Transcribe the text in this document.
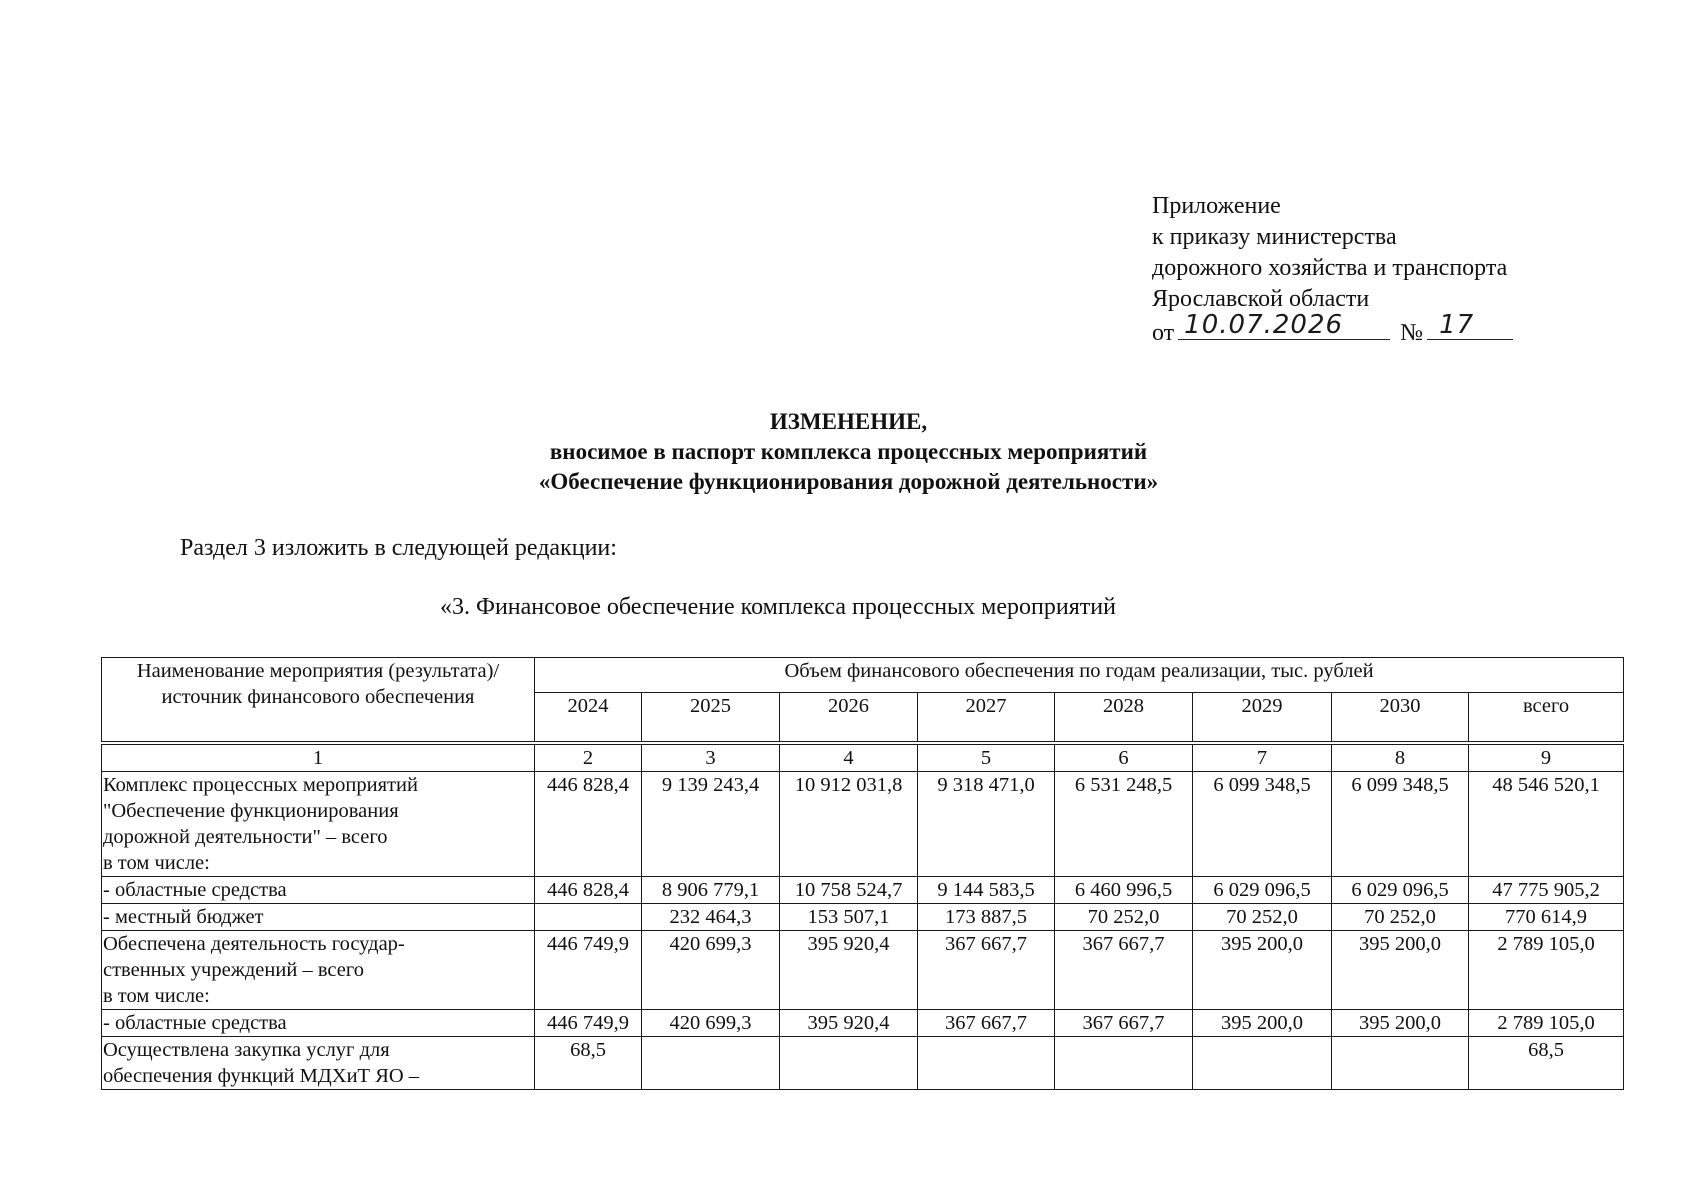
Приложение
к приказу министерства
дорожного хозяйства и транспорта
Ярославской области
от 10.07.2026 № 17
ИЗМЕНЕНИЕ,
вносимое в паспорт комплекса процессных мероприятий
«Обеспечение функционирования дорожной деятельности»
Раздел 3 изложить в следующей редакции:
«3. Финансовое обеспечение комплекса процессных мероприятий
Наименование мероприятия (результата)/ источник финансового обеспечения	Объем финансового обеспечения по годам реализации, тыс. рублей							
	2024	2025	2026	2027	2028	2029	2030	всего
1	2	3	4	5	6	7	8	9

Комплекс процессных мероприятий
"Обеспечение функционирования
дорожной деятельности" – всего
в том числе:	446 828,4	9 139 243,4	10 912 031,8	9 318 471,0	6 531 248,5	6 099 348,5	6 099 348,5	48 546 520,1

- областные средства	446 828,4	8 906 779,1	10 758 524,7	9 144 583,5	6 460 996,5	6 029 096,5	6 029 096,5	47 775 905,2

- местный бюджет		232 464,3	153 507,1	173 887,5	70 252,0	70 252,0	70 252,0	770 614,9

Обеспечена деятельность государ-
ственных учреждений – всего
в том числе:	446 749,9	420 699,3	395 920,4	367 667,7	367 667,7	395 200,0	395 200,0	2 789 105,0

- областные средства	446 749,9	420 699,3	395 920,4	367 667,7	367 667,7	395 200,0	395 200,0	2 789 105,0

Осуществлена закупка услуг для
обеспечения функций МДХиТ ЯО –	68,5							68,5
